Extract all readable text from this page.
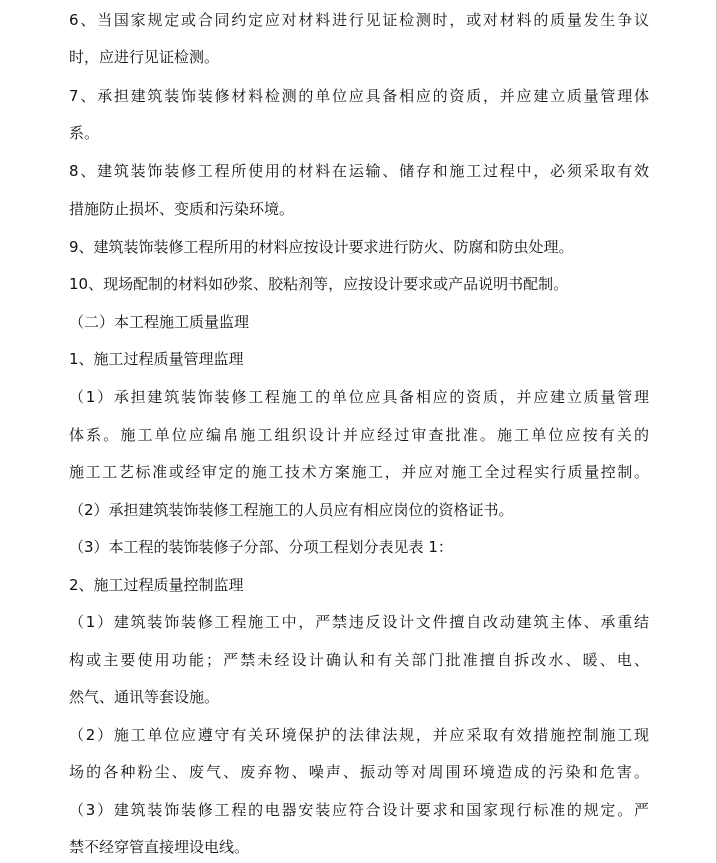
6、当国家规定或合同约定应对材料进行见证检测时，或对材料的质量发生争议
时，应进行见证检测。
7、承担建筑装饰装修材料检测的单位应具备相应的资质，并应建立质量管理体
系。
8、建筑装饰装修工程所使用的材料在运输、储存和施工过程中，必须采取有效
措施防止损坏、变质和污染环境。
9、建筑装饰装修工程所用的材料应按设计要求进行防火、防腐和防虫处理。
10、现场配制的材料如砂浆、胶粘剂等，应按设计要求或产品说明书配制。
（二）本工程施工质量监理
1、施工过程质量管理监理
（1）承担建筑装饰装修工程施工的单位应具备相应的资质，并应建立质量管理
体系。施工单位应编帛施工组织设计并应经过审查批准。施工单位应按有关的
施工工艺标准或经审定的施工技术方案施工，并应对施工全过程实行质量控制。
（2）承担建筑装饰装修工程施工的人员应有相应岗位的资格证书。
（3）本工程的装饰装修子分部、分项工程划分表见表 1：
2、施工过程质量控制监理
（1）建筑装饰装修工程施工中，严禁违反设计文件擅自改动建筑主体、承重结
构或主要使用功能；严禁未经设计确认和有关部门批准擅自拆改水、暖、电、
然气、通讯等套设施。
（2）施工单位应遵守有关环境保护的法律法规，并应采取有效措施控制施工现
场的各种粉尘、废气、废弃物、噪声、振动等对周围环境造成的污染和危害。
（3）建筑装饰装修工程的电器安装应符合设计要求和国家现行标准的规定。严
禁不经穿管直接埋设电线。
